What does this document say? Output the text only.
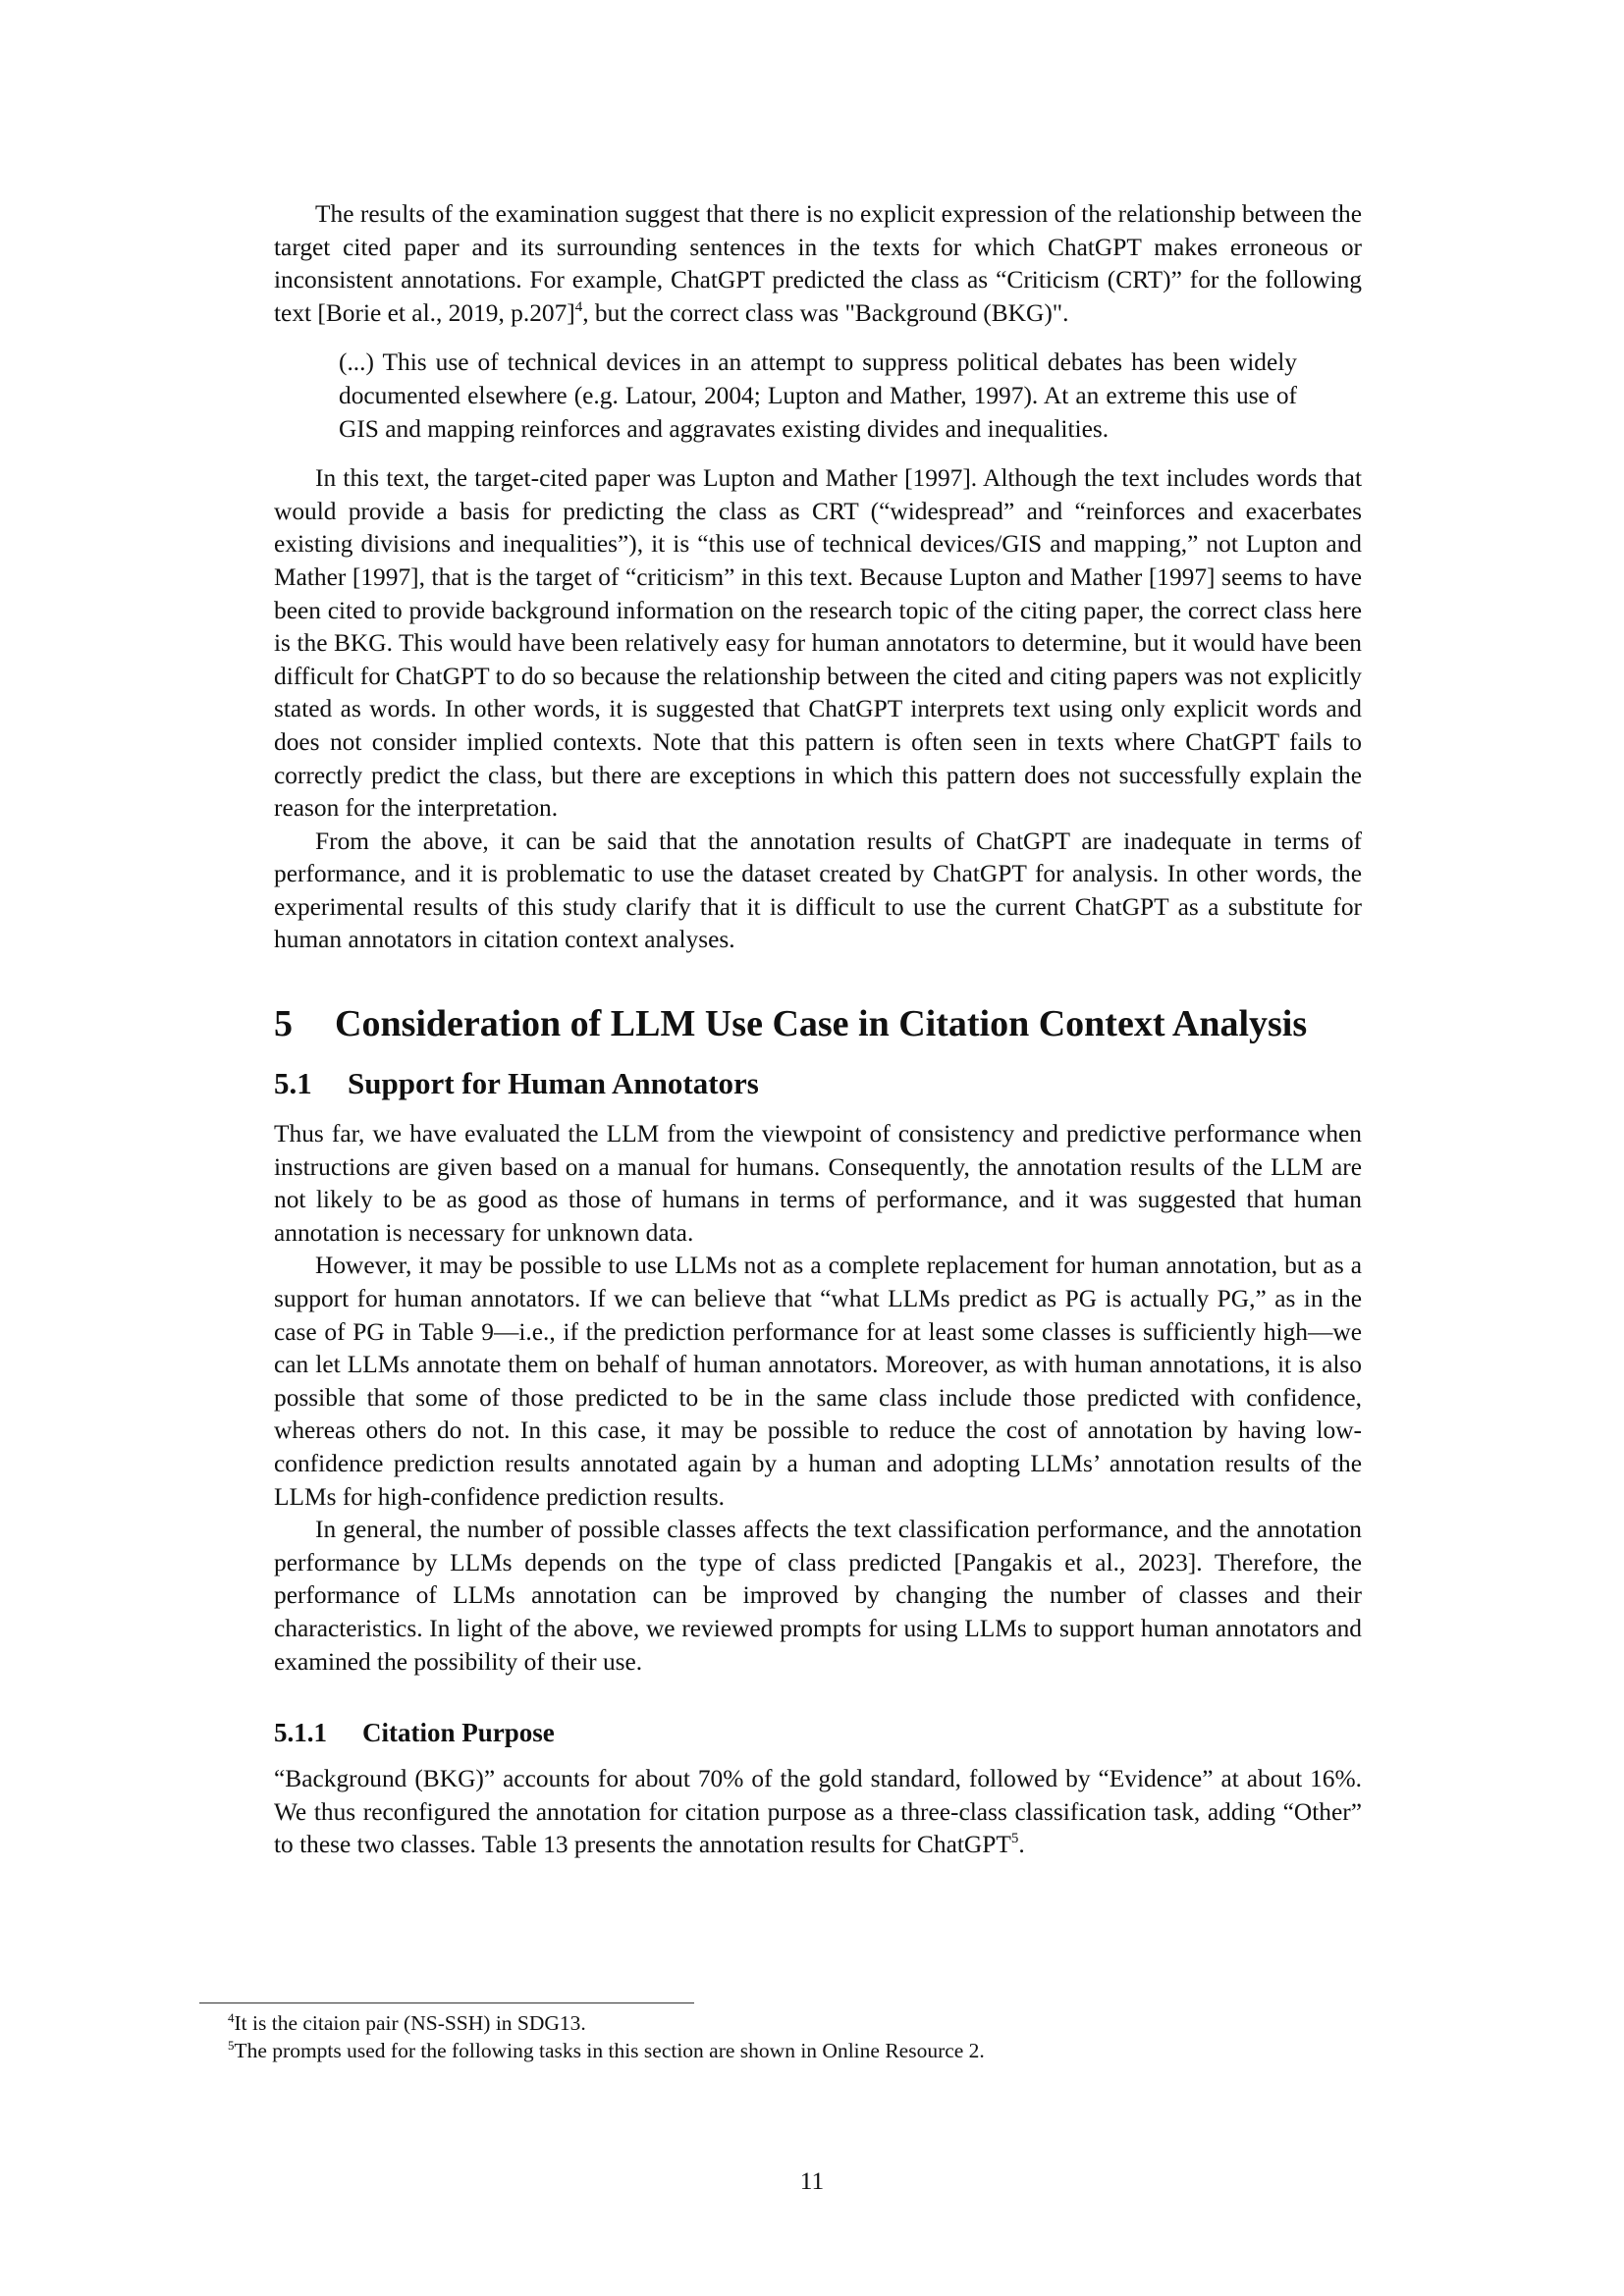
The results of the examination suggest that there is no explicit expression of the relationship between the target cited paper and its surrounding sentences in the texts for which ChatGPT makes erroneous or inconsistent annotations. For example, ChatGPT predicted the class as “Criticism (CRT)” for the following text [Borie et al., 2019, p.207]$^4$, but the correct class was "Background (BKG)".

(...) This use of technical devices in an attempt to suppress political debates has been widely documented elsewhere (e.g. Latour, 2004; Lupton and Mather, 1997). At an extreme this use of GIS and mapping reinforces and aggravates existing divides and inequalities.

In this text, the target-cited paper was Lupton and Mather [1997]. Although the text includes words that would provide a basis for predicting the class as CRT (“widespread” and “reinforces and exacerbates existing divisions and inequalities”), it is “this use of technical devices/GIS and mapping,” not Lupton and Mather [1997], that is the target of “criticism” in this text. Because Lupton and Mather [1997] seems to have been cited to provide background information on the research topic of the citing paper, the correct class here is the BKG. This would have been relatively easy for human annotators to determine, but it would have been difficult for ChatGPT to do so because the relationship between the cited and citing papers was not explicitly stated as words. In other words, it is suggested that ChatGPT interprets text using only explicit words and does not consider implied contexts. Note that this pattern is often seen in texts where ChatGPT fails to correctly predict the class, but there are exceptions in which this pattern does not successfully explain the reason for the interpretation.

From the above, it can be said that the annotation results of ChatGPT are inadequate in terms of performance, and it is problematic to use the dataset created by ChatGPT for analysis. In other words, the experimental results of this study clarify that it is difficult to use the current ChatGPT as a substitute for human annotators in citation context analyses.

5 Consideration of LLM Use Case in Citation Context Analysis
5.1 Support for Human Annotators

Thus far, we have evaluated the LLM from the viewpoint of consistency and predictive performance when instructions are given based on a manual for humans. Consequently, the annotation results of the LLM are not likely to be as good as those of humans in terms of performance, and it was suggested that human annotation is necessary for unknown data.

However, it may be possible to use LLMs not as a complete replacement for human annotation, but as a support for human annotators. If we can believe that “what LLMs predict as PG is actually PG,” as in the case of PG in Table 9—i.e., if the prediction performance for at least some classes is sufficiently high—we can let LLMs annotate them on behalf of human annotators. Moreover, as with human annotations, it is also possible that some of those predicted to be in the same class include those predicted with confidence, whereas others do not. In this case, it may be possible to reduce the cost of annotation by having low-confidence prediction results annotated again by a human and adopting LLMs’ annotation results of the LLMs for high-confidence prediction results.

In general, the number of possible classes affects the text classification performance, and the annotation performance by LLMs depends on the type of class predicted [Pangakis et al., 2023]. Therefore, the performance of LLMs annotation can be improved by changing the number of classes and their characteristics. In light of the above, we reviewed prompts for using LLMs to support human annotators and examined the possibility of their use.

5.1.1 Citation Purpose

“Background (BKG)” accounts for about 70% of the gold standard, followed by “Evidence” at about 16%. We thus reconfigured the annotation for citation purpose as a three-class classification task, adding “Other” to these two classes. Table 13 presents the annotation results for ChatGPT$^5$.

$^4$It is the citaion pair (NS-SSH) in SDG13.

$^5$The prompts used for the following tasks in this section are shown in Online Resource 2.

11
